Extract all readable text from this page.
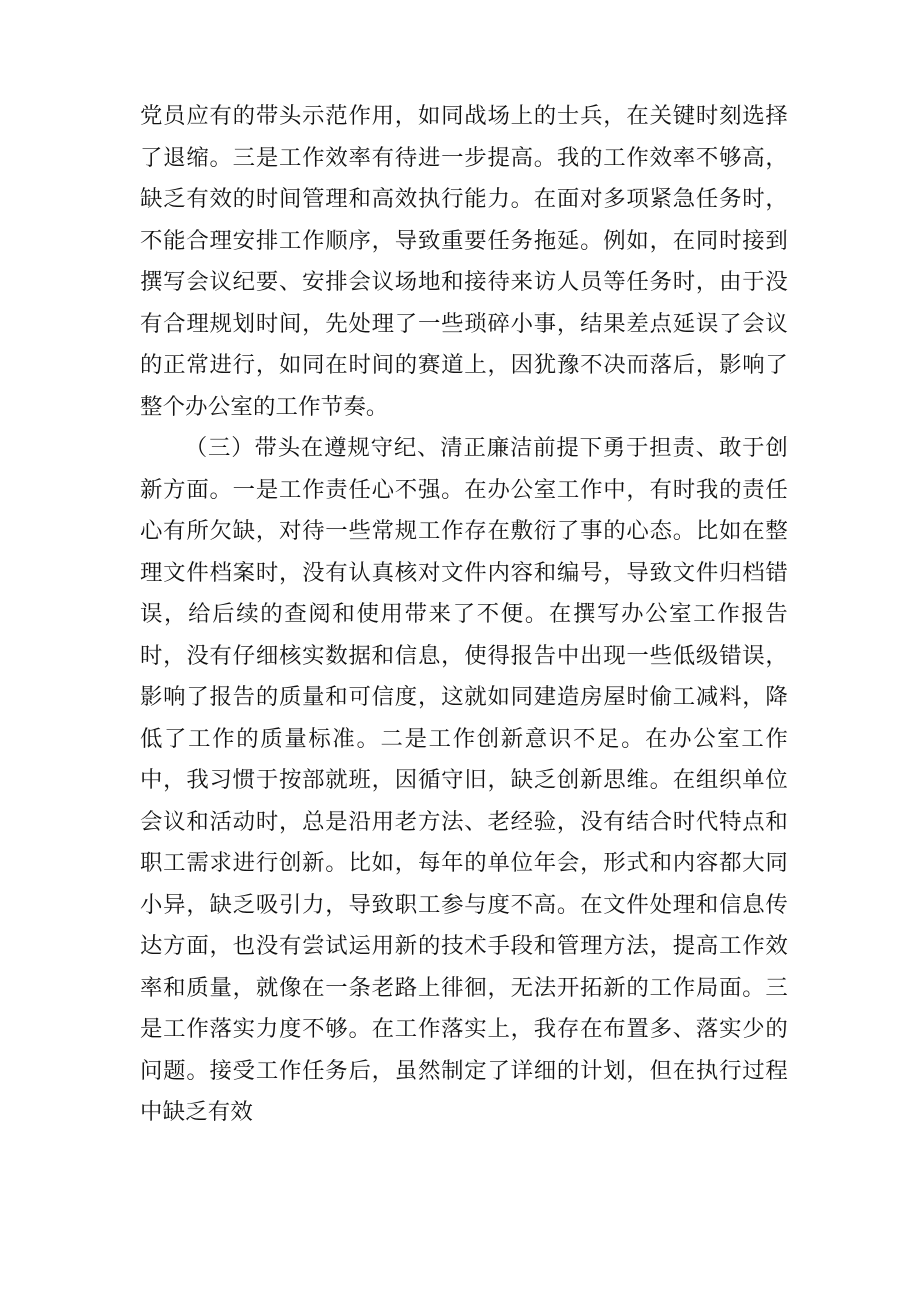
党员应有的带头示范作用，如同战场上的士兵，在关键时刻选择了退缩。三是工作效率有待进一步提高。我的工作效率不够高，缺乏有效的时间管理和高效执行能力。在面对多项紧急任务时，不能合理安排工作顺序，导致重要任务拖延。例如，在同时接到撰写会议纪要、安排会议场地和接待来访人员等任务时，由于没有合理规划时间，先处理了一些琐碎小事，结果差点延误了会议的正常进行，如同在时间的赛道上，因犹豫不决而落后，影响了整个办公室的工作节奏。

（三）带头在遵规守纪、清正廉洁前提下勇于担责、敢于创新方面。一是工作责任心不强。在办公室工作中，有时我的责任心有所欠缺，对待一些常规工作存在敷衍了事的心态。比如在整理文件档案时，没有认真核对文件内容和编号，导致文件归档错误，给后续的查阅和使用带来了不便。在撰写办公室工作报告时，没有仔细核实数据和信息，使得报告中出现一些低级错误，影响了报告的质量和可信度，这就如同建造房屋时偷工减料，降低了工作的质量标准。二是工作创新意识不足。在办公室工作中，我习惯于按部就班，因循守旧，缺乏创新思维。在组织单位会议和活动时，总是沿用老方法、老经验，没有结合时代特点和职工需求进行创新。比如，每年的单位年会，形式和内容都大同小异，缺乏吸引力，导致职工参与度不高。在文件处理和信息传达方面，也没有尝试运用新的技术手段和管理方法，提高工作效率和质量，就像在一条老路上徘徊，无法开拓新的工作局面。三是工作落实力度不够。在工作落实上，我存在布置多、落实少的问题。接受工作任务后，虽然制定了详细的计划，但在执行过程中缺乏有效
